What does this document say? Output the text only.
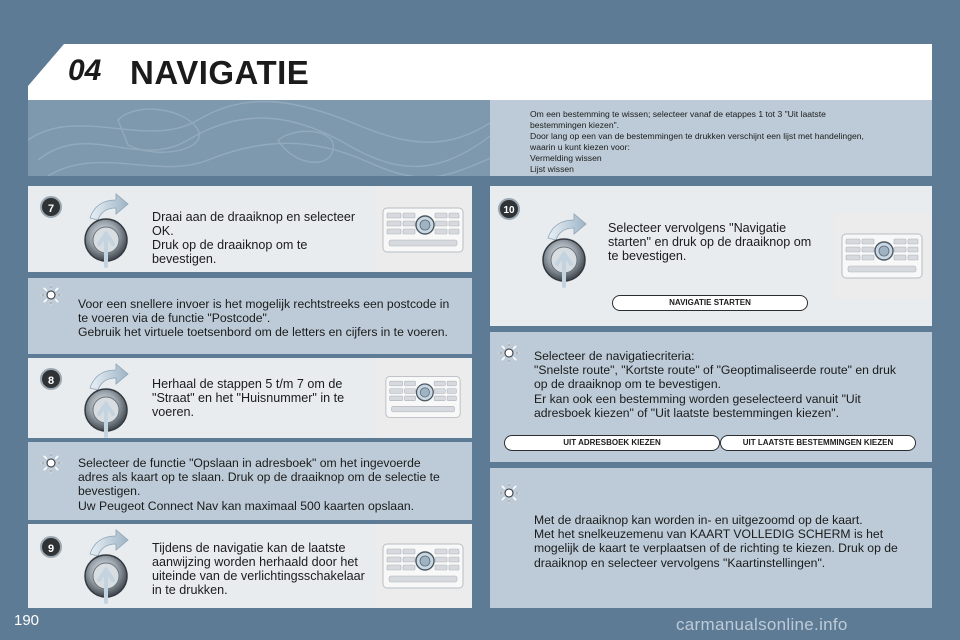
04 NAVIGATIE
Om een bestemming te wissen; selecteer vanaf de etappes 1 tot 3 "Uit laatste
bestemmingen kiezen".
Door lang op een van de bestemmingen te drukken verschijnt een lijst met handelingen,
waarin u kunt kiezen voor:
Vermelding wissen
Lijst wissen
7
Draai aan de draaiknop en selecteer OK.
Druk op de draaiknop om te
bevestigen.
Voor een snellere invoer is het mogelijk rechtstreeks een postcode in
te voeren via de functie "Postcode".
Gebruik het virtuele toetsenbord om de letters en cijfers in te voeren.
8	Herhaal de stappen 5 t/m 7 om de
"Straat" en het "Huisnummer" in te
voeren.
Selecteer de functie "Opslaan in adresboek" om het ingevoerde
adres als kaart op te slaan. Druk op de draaiknop om de selectie te
bevestigen.
Uw Peugeot Connect Nav kan maximaal 500 kaarten opslaan.
9	Tijdens de navigatie kan de laatste
aanwijzing worden herhaald door het
uiteinde van de verlichtingsschakelaar
in te drukken.
10
Selecteer vervolgens "Navigatie
starten" en druk op de draaiknop om
te bevestigen.
NAVIGATIE STARTEN
Selecteer de navigatiecriteria:
"Snelste route", "Kortste route" of "Geoptimaliseerde route" en druk
op de draaiknop om te bevestigen.
Er kan ook een bestemming worden geselecteerd vanuit "Uit
adresboek kiezen" of "Uit laatste bestemmingen kiezen".
UIT ADRESBOEK KIEZEN	UIT LAATSTE BESTEMMINGEN KIEZEN
Met de draaiknop kan worden in- en uitgezoomd op de kaart.
Met het snelkeuzemenu van KAART VOLLEDIG SCHERM is het
mogelijk de kaart te verplaatsen of de richting te kiezen. Druk op de
draaiknop en selecteer vervolgens "Kaartinstellingen".
190	carmanualsonline.info
